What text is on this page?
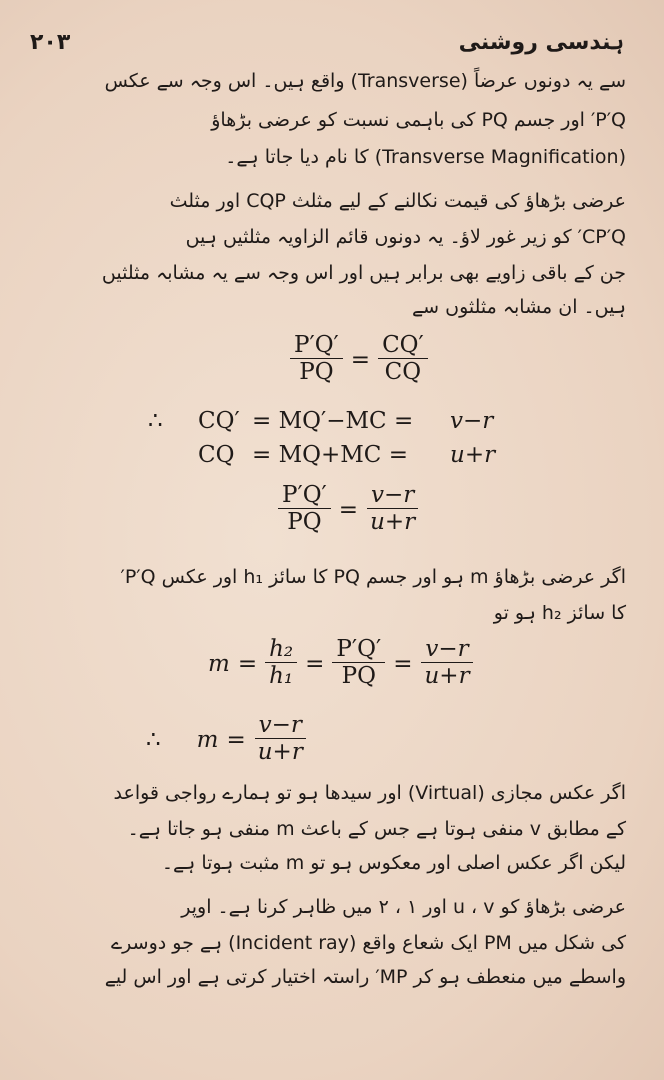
۲۰۳	ہندسی روشنی
سے یہ دونوں عرضاً (Transverse) واقع ہیں۔ اس وجہ سے عکس
P′Q′ اور جسم PQ کی باہمی نسبت کو عرضی بڑھاؤ
(Transverse Magnification) کا نام دیا جاتا ہے۔
عرضی بڑھاؤ کی قیمت نکالنے کے لیے مثلث CQP اور مثلث
CP′Q′ کو زیر غور لاؤ۔ یہ دونوں قائم الزاویہ مثلثیں ہیں
جن کے باقی زاویے بھی برابر ہیں اور اس وجہ سے یہ مشابہ مثلثیں
ہیں۔ ان مشابہ مثلثوں سے
$\frac{P'Q'}{PQ} = \frac{CQ'}{CQ}$
∴ CQ′ = MQ′−MC = v−r
CQ = MQ+MC = u+r
$\frac{P'Q'}{PQ} = \frac{v-r}{u+r}$
اگر عرضی بڑھاؤ m ہو اور جسم PQ کا سائز h₁ اور عکس P′Q′
کا سائز h₂ ہو تو
$m = \frac{\text{h₂}}{\text{h₁}} = \frac{P'Q'}{PQ} = \frac{v-r}{u+r}$
∴ $m = \frac{v-r}{u+r}$
اگر عکس مجازی (Virtual) اور سیدھا ہو تو ہمارے رواجی قواعد
کے مطابق v منفی ہوتا ہے جس کے باعث m منفی ہو جاتا ہے۔
لیکن اگر عکس اصلی اور معکوس ہو تو m مثبت ہوتا ہے۔
عرضی بڑھاؤ کو u ، v اور ۱ ، ۲ میں ظاہر کرنا ہے۔ اوپر
کی شکل میں PM ایک شعاع واقع (Incident ray) ہے جو دوسرے
واسطے میں منعطف ہو کر MP′ راستہ اختیار کرتی ہے اور اس لیے
